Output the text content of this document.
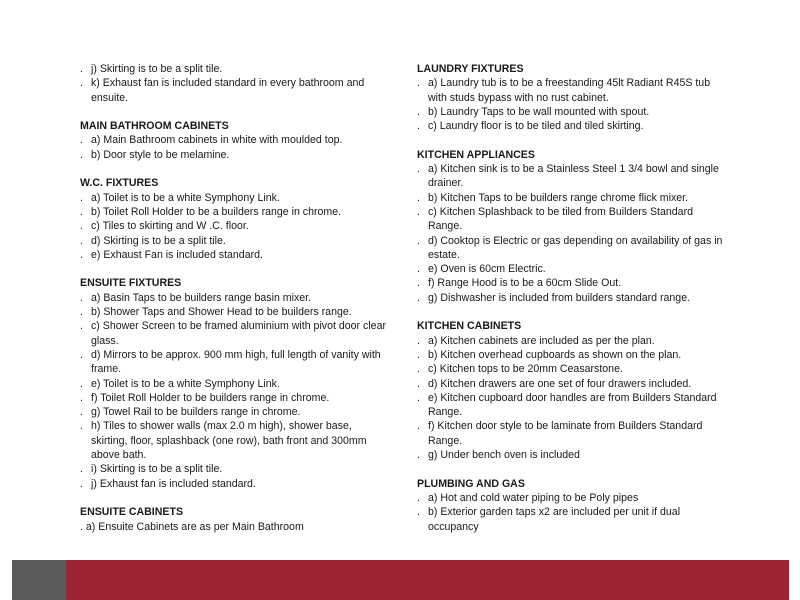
. j) Skirting is to be a split tile.

. k) Exhaust fan is included standard in every bathroom and ensuite.

MAIN BATHROOM CABINETS

. a) Main Bathroom cabinets in white with moulded top.

. b) Door style to be melamine.

W.C. FIXTURES

. a) Toilet is to be a white Symphony Link.

. b) Toilet Roll Holder to be a builders range in chrome.

. c) Tiles to skirting and W .C. floor.

. d) Skirting is to be a split tile.

. e) Exhaust Fan is included standard.

ENSUITE FIXTURES

. a) Basin Taps to be builders range basin mixer.

. b) Shower Taps and Shower Head to be builders range.

. c) Shower Screen to be framed aluminium with pivot door clear glass.

. d) Mirrors to be approx. 900 mm high, full length of vanity with frame.

. e) Toilet is to be a white Symphony Link.

. f) Toilet Roll Holder to be builders range in chrome.

. g) Towel Rail to be builders range in chrome.

. h) Tiles to shower walls (max 2.0 m high), shower base, skirting, floor, splashback (one row), bath front and 300mm above bath.

. i) Skirting is to be a split tile.

. j) Exhaust fan is included standard.

ENSUITE CABINETS

. a) Ensuite Cabinets are as per Main Bathroom

LAUNDRY FIXTURES

. a) Laundry tub is to be a freestanding 45lt Radiant R45S tub with studs bypass with no rust cabinet.

. b) Laundry Taps to be wall mounted with spout.

. c) Laundry floor is to be tiled and tiled skirting.

KITCHEN APPLIANCES

. a) Kitchen sink is to be a Stainless Steel 1 3/4 bowl and single drainer.

. b) Kitchen Taps to be builders range chrome flick mixer.

. c) Kitchen Splashback to be tiled from Builders Standard Range.

. d) Cooktop is Electric or gas depending on availability of gas in estate.

. e) Oven is 60cm Electric.

. f) Range Hood is to be a 60cm Slide Out.

. g) Dishwasher is included from builders standard range.

KITCHEN CABINETS

. a) Kitchen cabinets are included as per the plan.

. b) Kitchen overhead cupboards as shown on the plan.

. c) Kitchen tops to be 20mm Ceasarstone.

. d) Kitchen drawers are one set of four drawers included.

. e) Kitchen cupboard door handles are from Builders Standard Range.

. f) Kitchen door style to be laminate from Builders Standard Range.

. g) Under bench oven is included

PLUMBING AND GAS

. a) Hot and cold water piping to be Poly pipes

. b) Exterior garden taps x2 are included per unit if dual occupancy
